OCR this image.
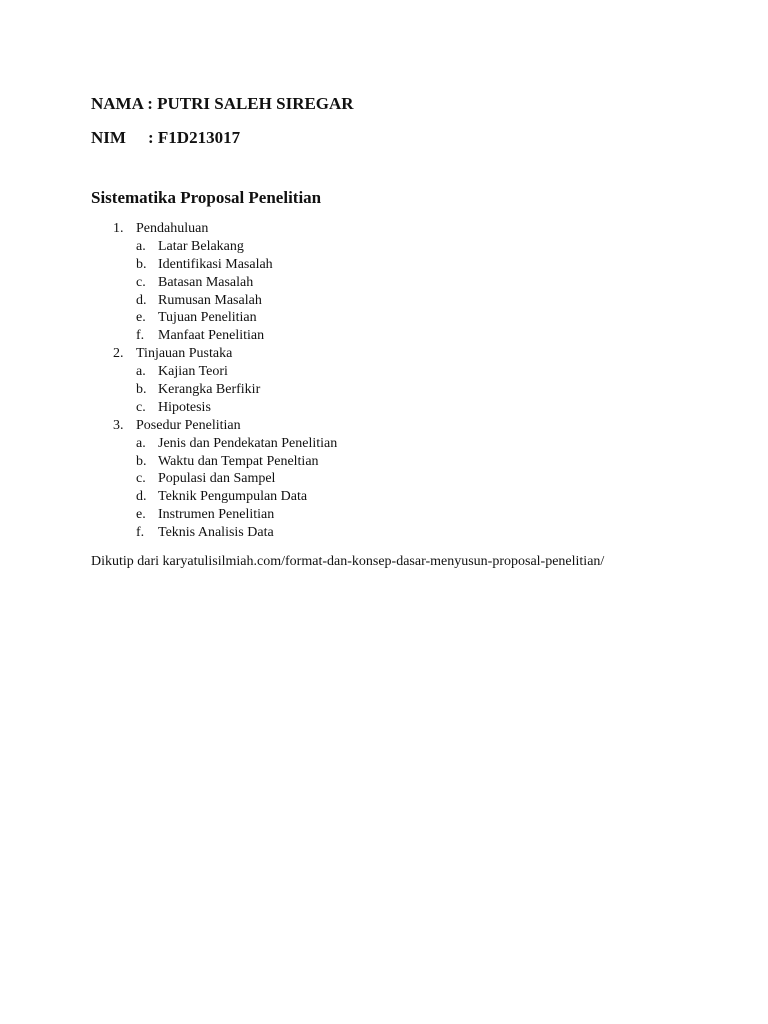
NAMA : PUTRI SALEH SIREGAR
NIM : F1D213017
Sistematika Proposal Penelitian
1. Pendahuluan
a. Latar Belakang
b. Identifikasi Masalah
c. Batasan Masalah
d. Rumusan Masalah
e. Tujuan Penelitian
f. Manfaat Penelitian
2. Tinjauan Pustaka
a. Kajian Teori
b. Kerangka Berfikir
c. Hipotesis
3. Posedur Penelitian
a. Jenis dan Pendekatan Penelitian
b. Waktu dan Tempat Peneltian
c. Populasi dan Sampel
d. Teknik Pengumpulan Data
e. Instrumen Penelitian
f. Teknis Analisis Data
Dikutip dari karyatulisilmiah.com/format-dan-konsep-dasar-menyusun-proposal-penelitian/
